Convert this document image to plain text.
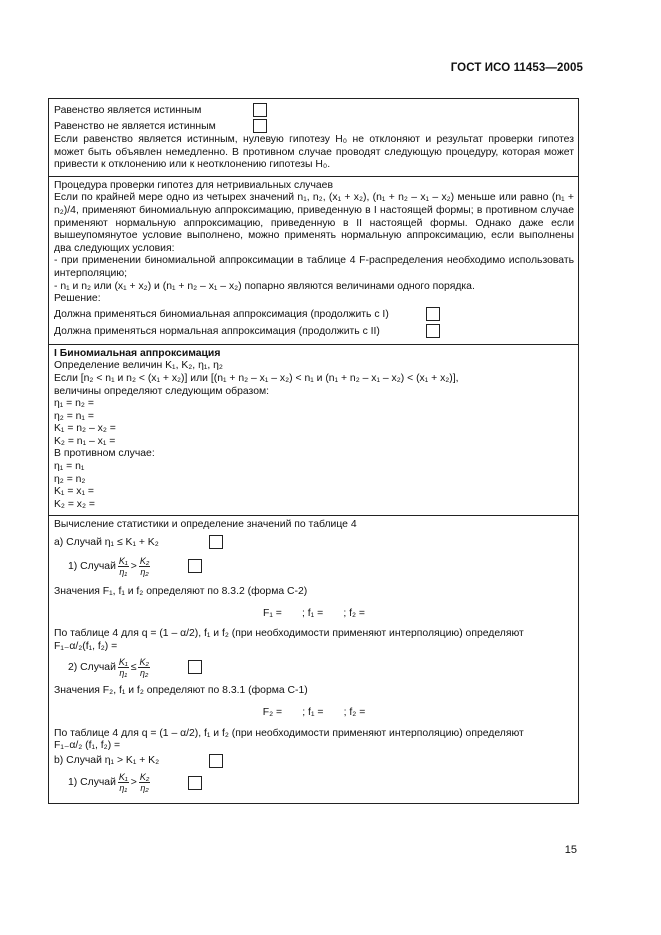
ГОСТ ИСО 11453—2005
Равенство является истинным
Равенство не является истинным
Если равенство является истинным, нулевую гипотезу H₀ не отклоняют и результат проверки гипотез может быть объявлен немедленно. В противном случае проводят следующую процедуру, которая может привести к отклонению или к неотклонению гипотезы H₀.
Процедура проверки гипотез для нетривиальных случаев
Если по крайней мере одно из четырех значений n₁, n₂, (x₁ + x₂), (n₁ + n₂ – x₁ – x₂) меньше или равно (n₁ + n₂)/4, применяют биномиальную аппроксимацию, приведенную в I настоящей формы; в противном случае применяют нормальную аппроксимацию, приведенную в II настоящей формы. Однако даже если вышеупомянутое условие выполнено, можно применять нормальную аппроксимацию, если выполнены два следующих условия:
- при применении биномиальной аппроксимации в таблице 4 F-распределения необходимо использовать интерполяцию;
- n₁ и n₂ или (x₁ + x₂) и (n₁ + n₂ – x₁ – x₂) попарно являются величинами одного порядка.
Решение:
Должна применяться биномиальная аппроксимация (продолжить с I)
Должна применяться нормальная аппроксимация (продолжить с II)
I Биномиальная аппроксимация
Определение величин K₁, K₂, η₁, η₂
Если [n₂ < n₁ и n₂ < (x₁ + x₂)] или [(n₁ + n₂ – x₁ – x₂) < n₁ и (n₁ + n₂ – x₁ – x₂) < (x₁ + x₂)],
величины определяют следующим образом:
η₁ = n₂ =
η₂ = n₁ =
K₁ = n₂ – x₂ =
K₂ = n₁ – x₁ =
В противном случае:
η₁ = n₁
η₂ = n₂
K₁ = x₁ =
K₂ = x₂ =
Вычисление статистики и определение значений по таблице 4
a) Случай η₁ ≤ K₁ + K₂
1) Случай $\frac{\text{K₁}}{\text{η₁}} > \frac{\text{K₂}}{\text{η₂}}$
Значения F₁, f₁ и f₂ определяют по 8.3.2 (форма С-2)
F₁ =       ; f₁ =       ; f₂ =
По таблице 4 для q = (1 – α/2), f₁ и f₂ (при необходимости применяют интерполяцию) определяют
F₁₋α/₂(f₁, f₂) =
2) Случай $\frac{\text{K₁}}{\text{η₁}} \le \frac{\text{K₂}}{\text{η₂}}$
Значения F₂, f₁ и f₂ определяют по 8.3.1 (форма С-1)
F₂ =       ; f₁ =       ; f₂ =
По таблице 4 для q = (1 – α/2), f₁ и f₂ (при необходимости применяют интерполяцию) определяют
F₁₋α/₂ (f₁, f₂) =
b) Случай η₁ > K₁ + K₂
1) Случай $\frac{\text{K₁}}{\text{η₁}} > \frac{\text{K₂}}{\text{η₂}}$
15
